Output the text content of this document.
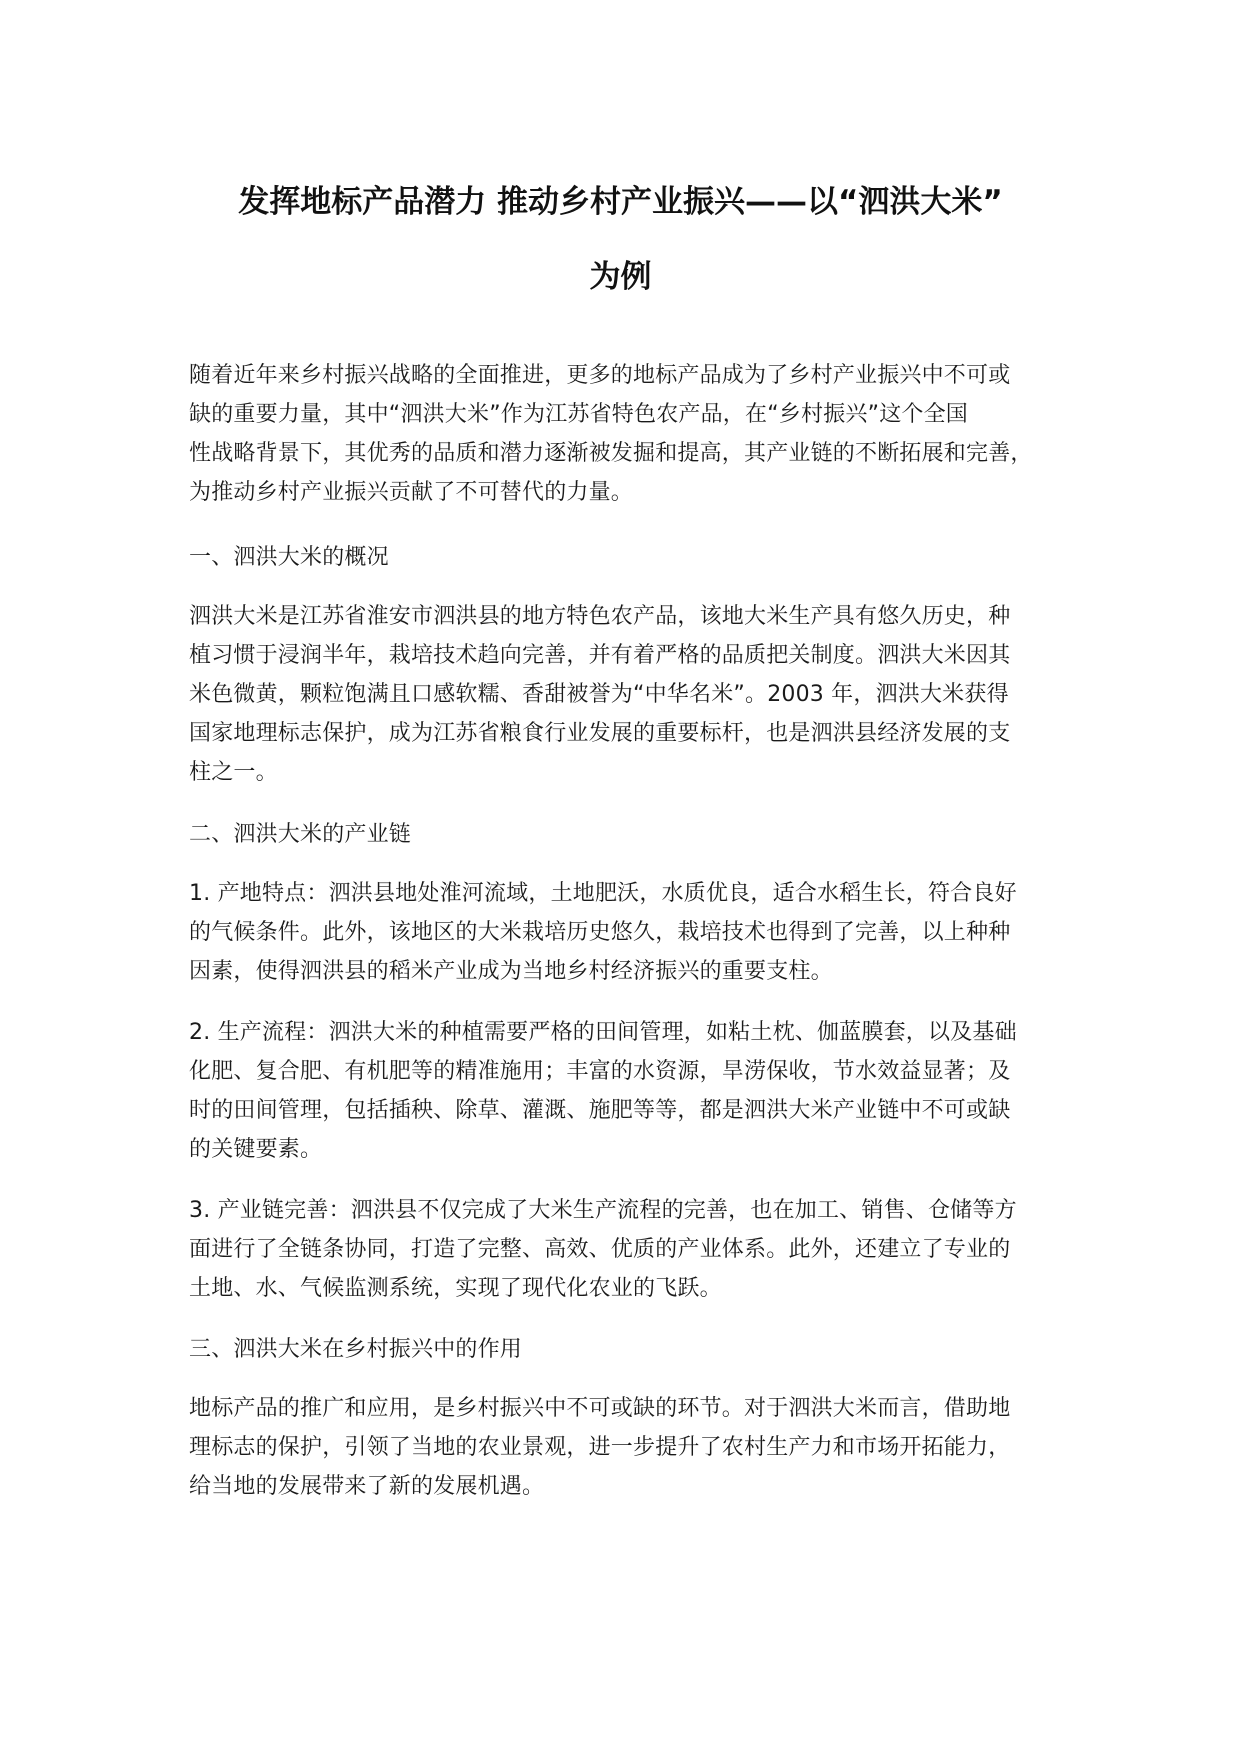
发挥地标产品潜力 推动乡村产业振兴——以“泗洪大米”
为例
随着近年来乡村振兴战略的全面推进，更多的地标产品成为了乡村产业振兴中不可或
缺的重要力量，其中“泗洪大米”作为江苏省特色农产品，在“乡村振兴”这个全国
性战略背景下，其优秀的品质和潜力逐渐被发掘和提高，其产业链的不断拓展和完善，
为推动乡村产业振兴贡献了不可替代的力量。
一、泗洪大米的概况
泗洪大米是江苏省淮安市泗洪县的地方特色农产品，该地大米生产具有悠久历史，种
植习惯于浸润半年，栽培技术趋向完善，并有着严格的品质把关制度。泗洪大米因其
米色微黄，颗粒饱满且口感软糯、香甜被誉为“中华名米”。2003 年，泗洪大米获得
国家地理标志保护，成为江苏省粮食行业发展的重要标杆，也是泗洪县经济发展的支
柱之一。
二、泗洪大米的产业链
1. 产地特点：泗洪县地处淮河流域，土地肥沃，水质优良，适合水稻生长，符合良好
的气候条件。此外，该地区的大米栽培历史悠久，栽培技术也得到了完善，以上种种
因素，使得泗洪县的稻米产业成为当地乡村经济振兴的重要支柱。
2. 生产流程：泗洪大米的种植需要严格的田间管理，如粘土枕、伽蓝膜套，以及基础
化肥、复合肥、有机肥等的精准施用；丰富的水资源，旱涝保收，节水效益显著；及
时的田间管理，包括插秧、除草、灌溉、施肥等等，都是泗洪大米产业链中不可或缺
的关键要素。
3. 产业链完善：泗洪县不仅完成了大米生产流程的完善，也在加工、销售、仓储等方
面进行了全链条协同，打造了完整、高效、优质的产业体系。此外，还建立了专业的
土地、水、气候监测系统，实现了现代化农业的飞跃。
三、泗洪大米在乡村振兴中的作用
地标产品的推广和应用，是乡村振兴中不可或缺的环节。对于泗洪大米而言，借助地
理标志的保护，引领了当地的农业景观，进一步提升了农村生产力和市场开拓能力，
给当地的发展带来了新的发展机遇。
